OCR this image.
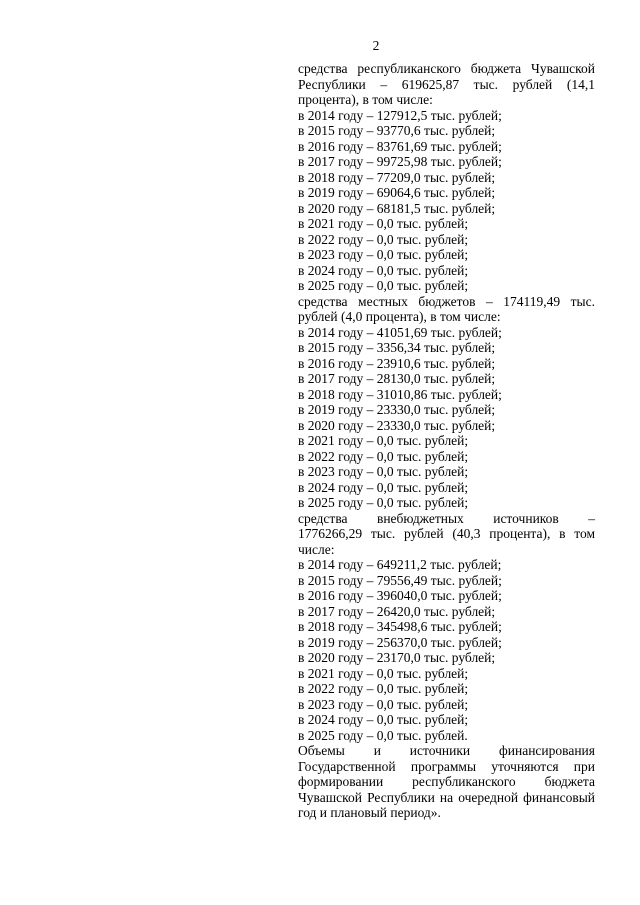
2
средства республиканского бюджета Чувашской Республики – 619625,87 тыс. рублей (14,1 процента), в том числе:
в 2014 году – 127912,5 тыс. рублей;
в 2015 году – 93770,6 тыс. рублей;
в 2016 году – 83761,69 тыс. рублей;
в 2017 году – 99725,98 тыс. рублей;
в 2018 году – 77209,0 тыс. рублей;
в 2019 году – 69064,6 тыс. рублей;
в 2020 году – 68181,5 тыс. рублей;
в 2021 году – 0,0 тыс. рублей;
в 2022 году – 0,0 тыс. рублей;
в 2023 году – 0,0 тыс. рублей;
в 2024 году – 0,0 тыс. рублей;
в 2025 году – 0,0 тыс. рублей;
средства местных бюджетов – 174119,49 тыс. рублей (4,0 процента), в том числе:
в 2014 году – 41051,69 тыс. рублей;
в 2015 году – 3356,34 тыс. рублей;
в 2016 году – 23910,6 тыс. рублей;
в 2017 году – 28130,0 тыс. рублей;
в 2018 году – 31010,86 тыс. рублей;
в 2019 году – 23330,0 тыс. рублей;
в 2020 году – 23330,0 тыс. рублей;
в 2021 году – 0,0 тыс. рублей;
в 2022 году – 0,0 тыс. рублей;
в 2023 году – 0,0 тыс. рублей;
в 2024 году – 0,0 тыс. рублей;
в 2025 году – 0,0 тыс. рублей;
средства внебюджетных источников –
1776266,29 тыс. рублей (40,3 процента), в том числе:
в 2014 году – 649211,2 тыс. рублей;
в 2015 году – 79556,49 тыс. рублей;
в 2016 году – 396040,0 тыс. рублей;
в 2017 году – 26420,0 тыс. рублей;
в 2018 году – 345498,6 тыс. рублей;
в 2019 году – 256370,0 тыс. рублей;
в 2020 году – 23170,0 тыс. рублей;
в 2021 году – 0,0 тыс. рублей;
в 2022 году – 0,0 тыс. рублей;
в 2023 году – 0,0 тыс. рублей;
в 2024 году – 0,0 тыс. рублей;
в 2025 году – 0,0 тыс. рублей.
Объемы и источники финансирования Государственной программы уточняются при формировании республиканского бюджета Чувашской Республики на очередной финансовый год и плановый период».
